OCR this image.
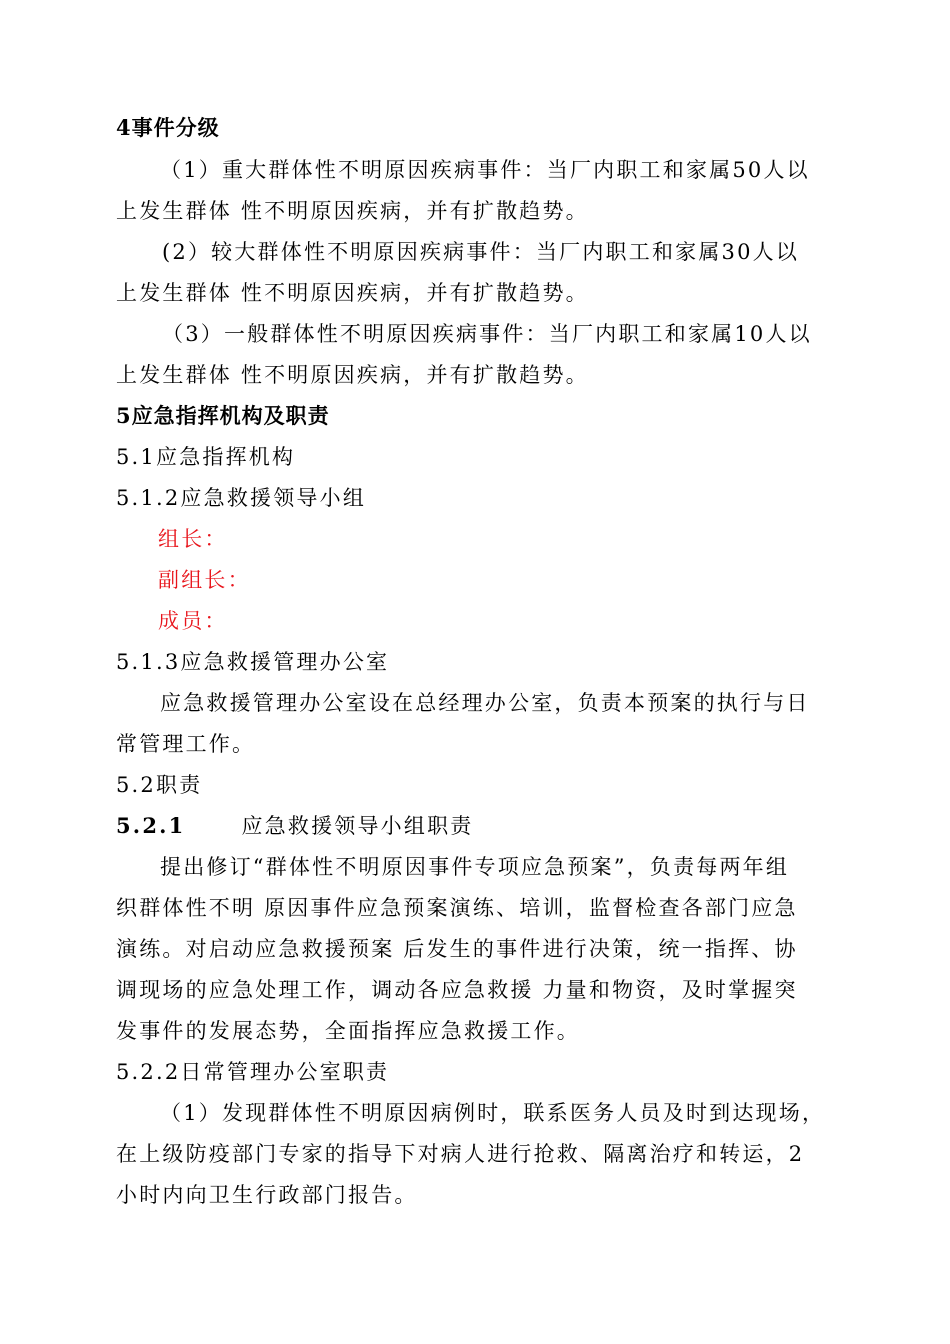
4事件分级
（1）重大群体性不明原因疾病事件：当厂内职工和家属50人以
上发生群体 性不明原因疾病，并有扩散趋势。
(2）较大群体性不明原因疾病事件：当厂内职工和家属30人以
上发生群体 性不明原因疾病，并有扩散趋势。
（3）一般群体性不明原因疾病事件：当厂内职工和家属10人以
上发生群体 性不明原因疾病，并有扩散趋势。
5应急指挥机构及职责
5.1应急指挥机构
5.1.2应急救援领导小组
组长：
副组长：
成员：
5.1.3应急救援管理办公室
应急救援管理办公室设在总经理办公室，负责本预案的执行与日
常管理工作。
5.2职责
5.2.1	应急救援领导小组职责
提出修订“群体性不明原因事件专项应急预案”，负责每两年组
织群体性不明 原因事件应急预案演练、培训，监督检查各部门应急
演练。对启动应急救援预案 后发生的事件进行决策，统一指挥、协
调现场的应急处理工作，调动各应急救援 力量和物资，及时掌握突
发事件的发展态势，全面指挥应急救援工作。
5.2.2日常管理办公室职责
（1）发现群体性不明原因病例时，联系医务人员及时到达现场，
在上级防疫部门专家的指导下对病人进行抢救、隔离治疗和转运，2
小时内向卫生行政部门报告。
